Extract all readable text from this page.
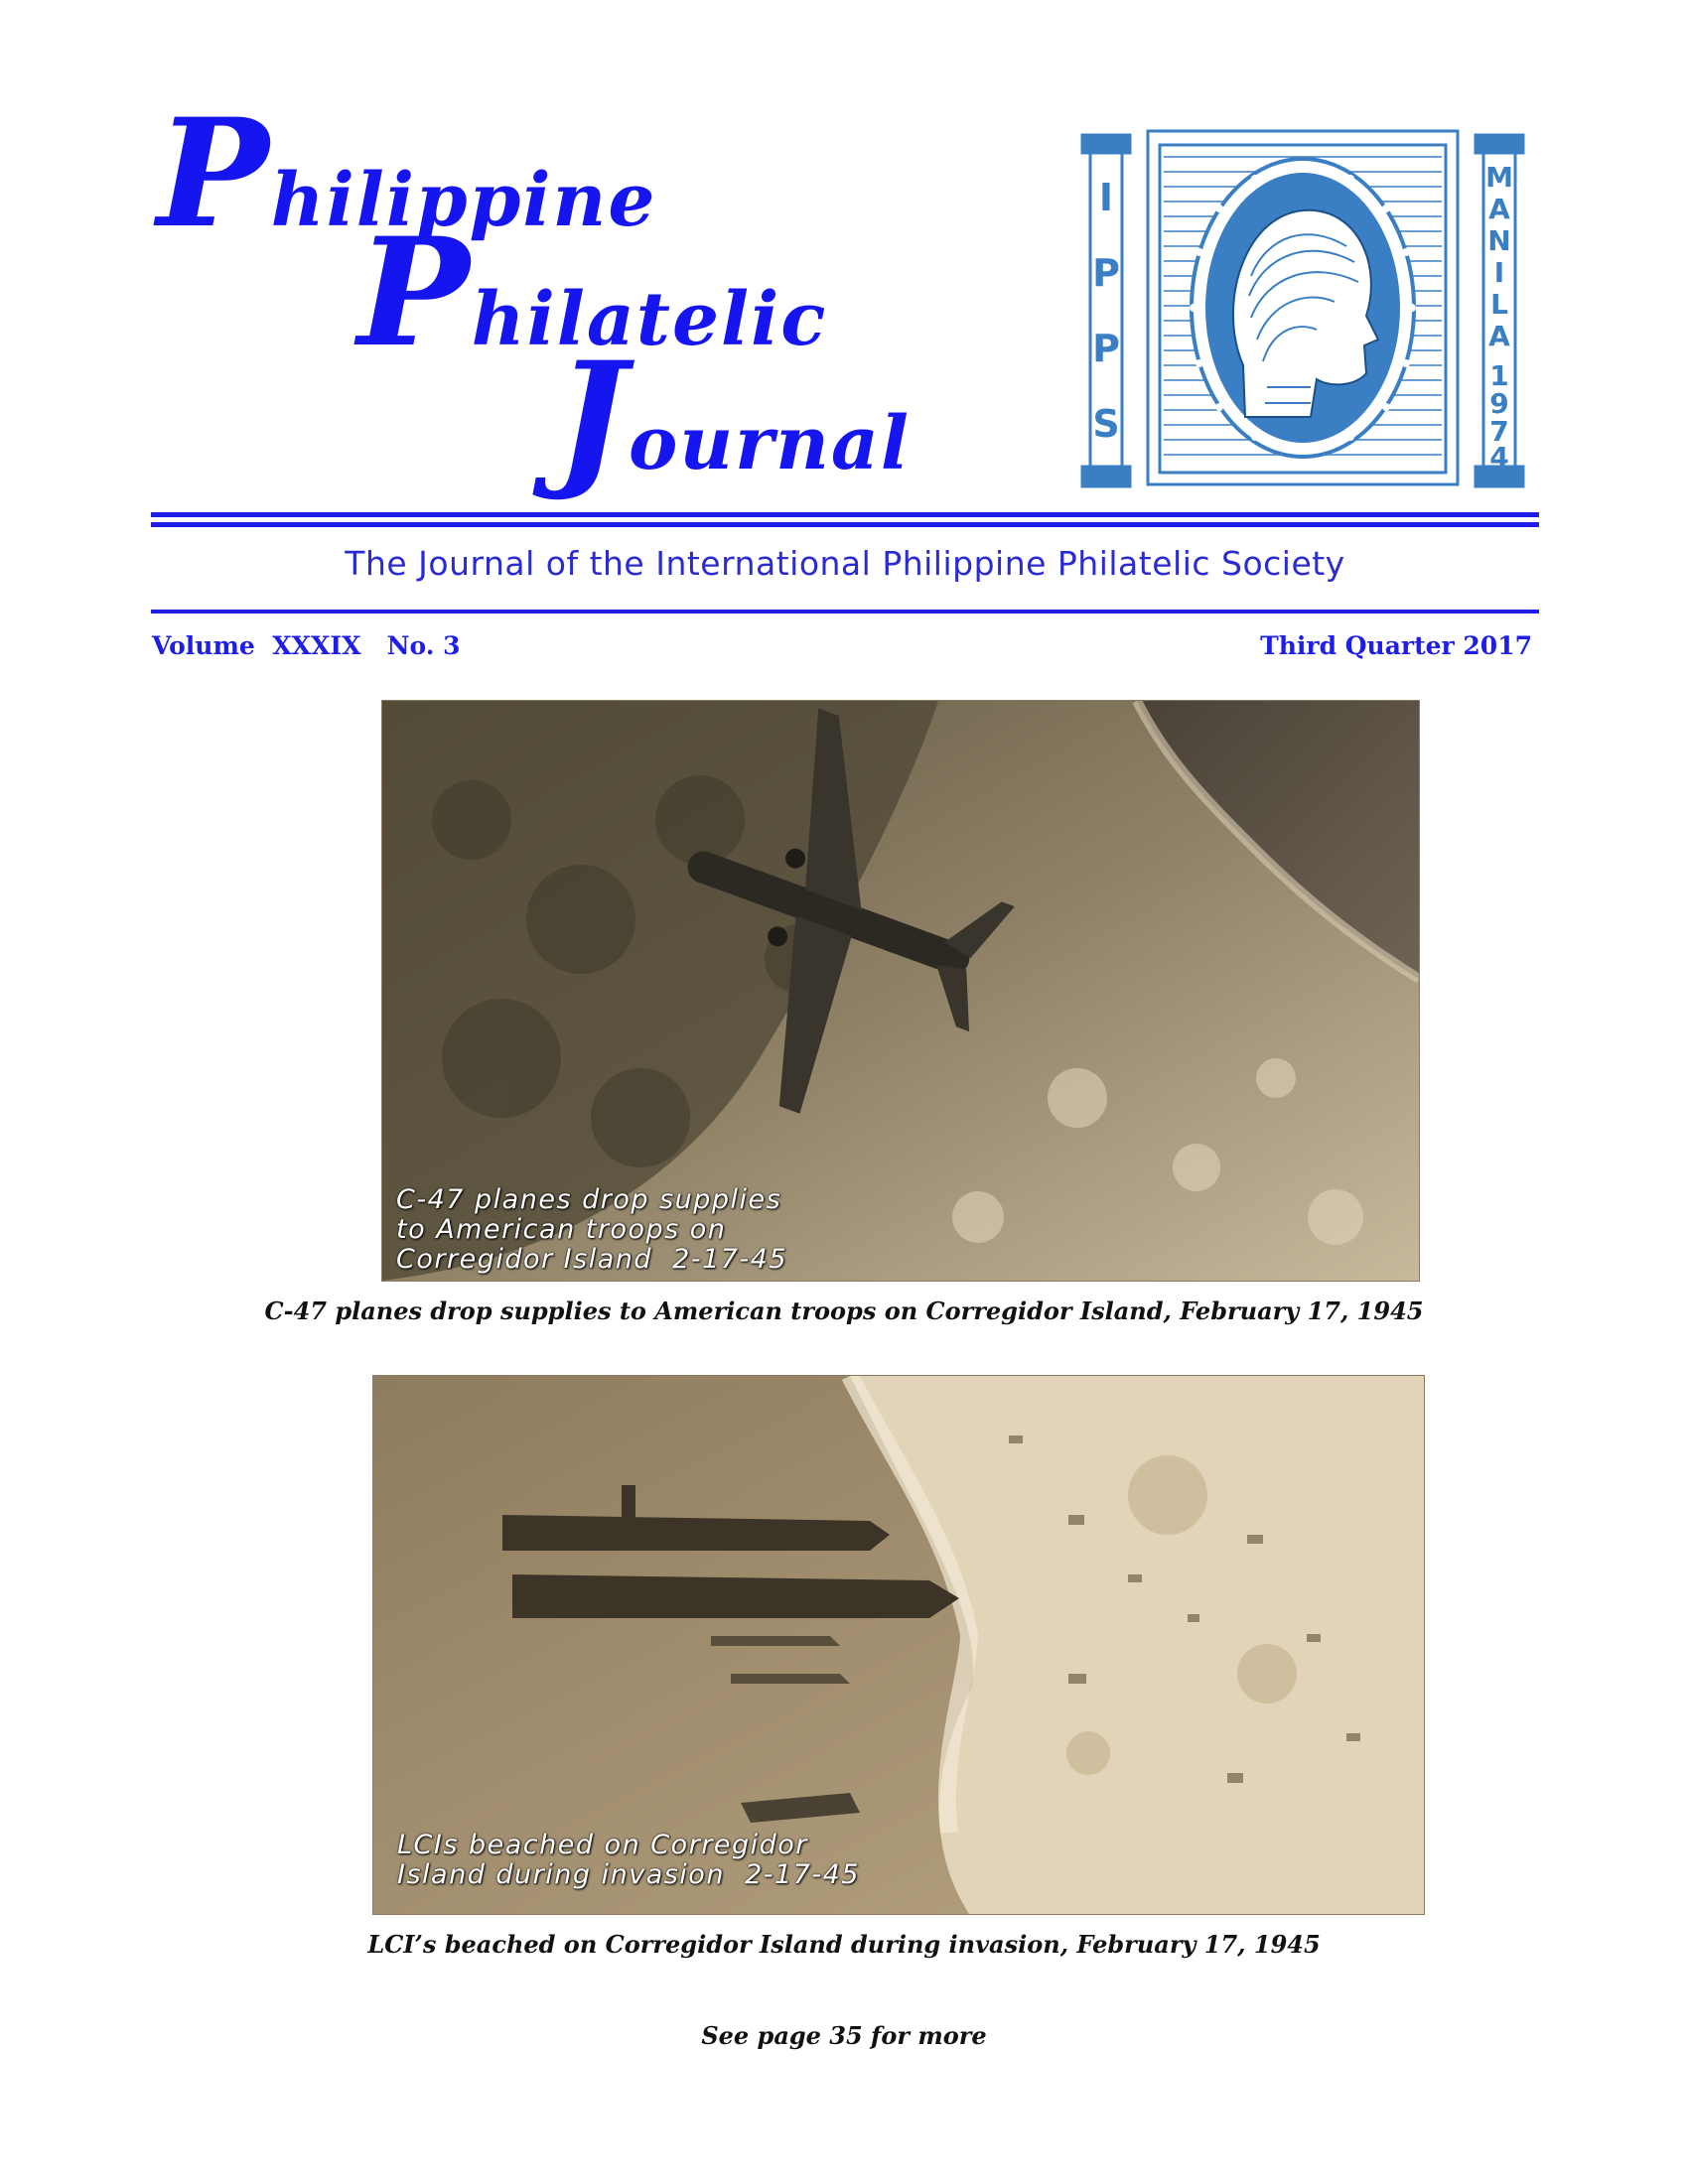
Philippine
Philatelic
Journal
I
P
P
S
M
A
N
I
L
A
1
9
7
4
The Journal of the International Philippine Philatelic Society
Volume  XXXIX   No. 3	Third Quarter 2017
C-47 planes drop supplies
to American troops on
Corregidor Island  2-17-45
C-47 planes drop supplies to American troops on Corregidor Island, February 17, 1945
LCIs beached on Corregidor
Island during invasion  2-17-45
LCI’s beached on Corregidor Island during invasion, February 17, 1945
See page 35 for more
